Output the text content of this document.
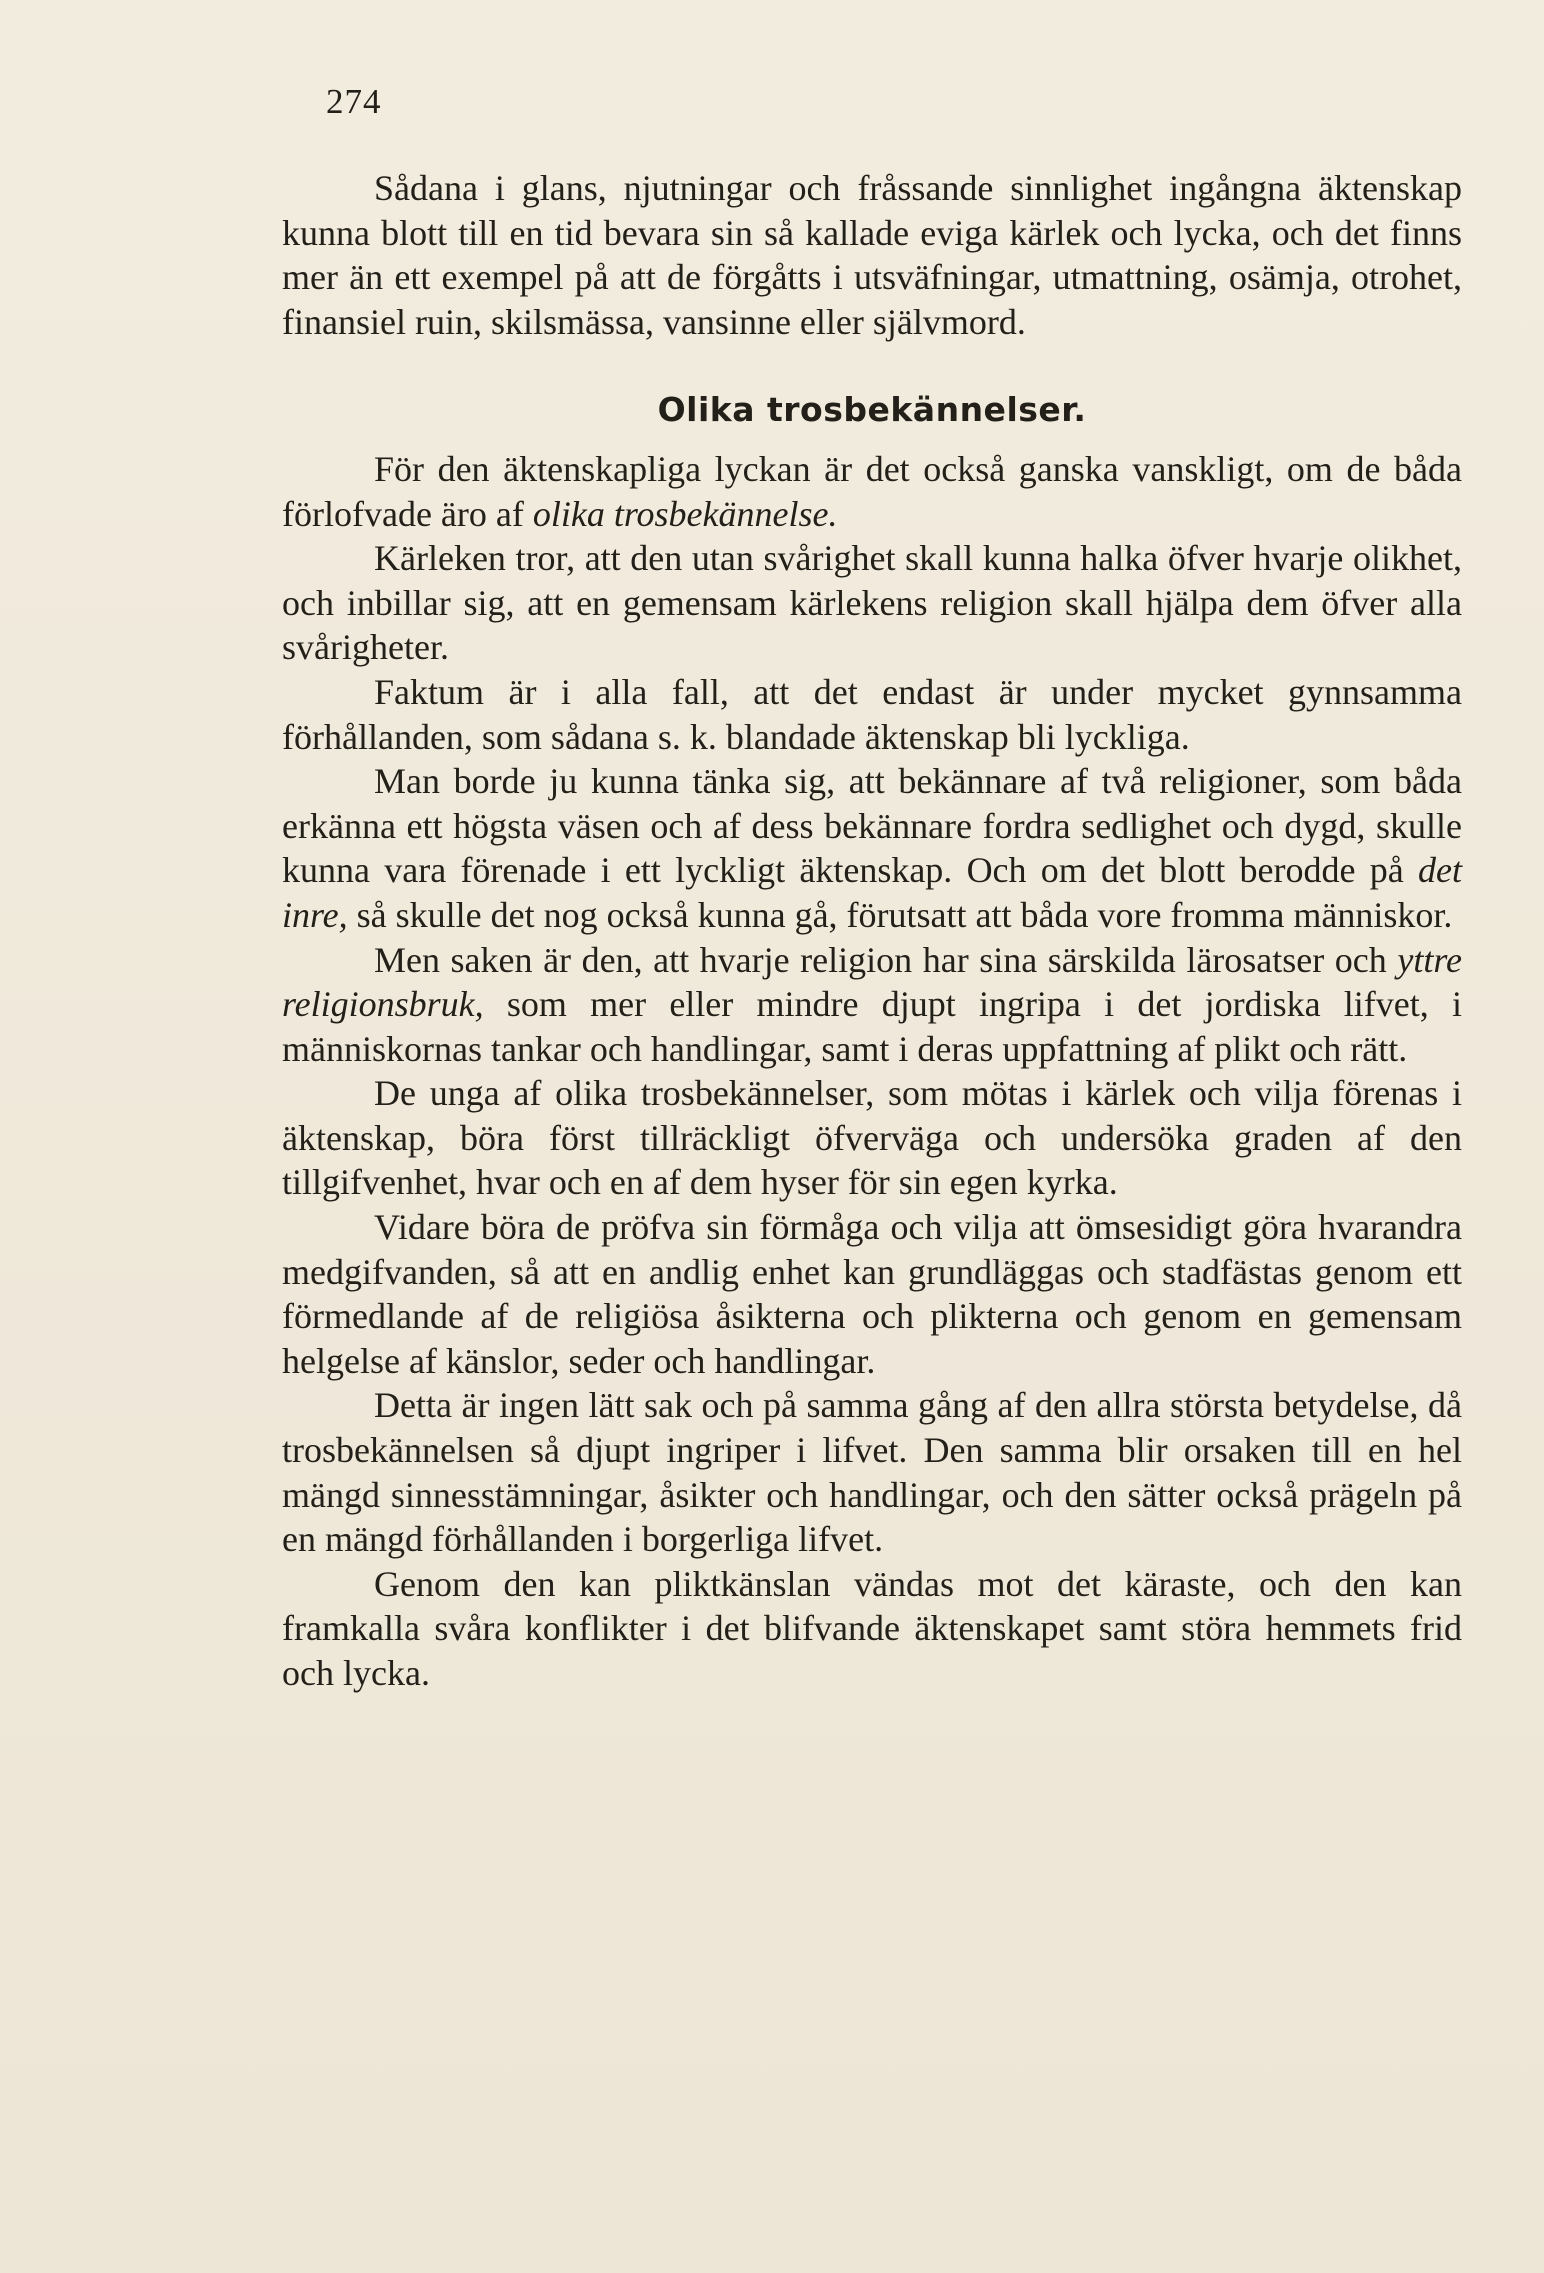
274

Sådana i glans, njutningar och fråssande sinnlighet ingångna äktenskap kunna blott till en tid bevara sin så kallade eviga kärlek och lycka, och det finns mer än ett exempel på att de förgåtts i utsväfningar, utmattning, osämja, otrohet, finansiel ruin, skilsmässa, vansinne eller självmord.

Olika trosbekännelser.

För den äktenskapliga lyckan är det också ganska vanskligt, om de båda förlofvade äro af olika trosbekännelse.

Kärleken tror, att den utan svårighet skall kunna halka öfver hvarje olikhet, och inbillar sig, att en gemensam kärlekens religion skall hjälpa dem öfver alla svårigheter.

Faktum är i alla fall, att det endast är under mycket gynnsamma förhållanden, som sådana s. k. blandade äktenskap bli lyckliga.

Man borde ju kunna tänka sig, att bekännare af två religioner, som båda erkänna ett högsta väsen och af dess bekännare fordra sedlighet och dygd, skulle kunna vara förenade i ett lyckligt äktenskap. Och om det blott berodde på det inre, så skulle det nog också kunna gå, förutsatt att båda vore fromma människor.

Men saken är den, att hvarje religion har sina särskilda lärosatser och yttre religionsbruk, som mer eller mindre djupt ingripa i det jordiska lifvet, i människornas tankar och handlingar, samt i deras uppfattning af plikt och rätt.

De unga af olika trosbekännelser, som mötas i kärlek och vilja förenas i äktenskap, böra först tillräckligt öfverväga och undersöka graden af den tillgifvenhet, hvar och en af dem hyser för sin egen kyrka.

Vidare böra de pröfva sin förmåga och vilja att ömsesidigt göra hvarandra medgifvanden, så att en andlig enhet kan grundläggas och stadfästas genom ett förmedlande af de religiösa åsikterna och plikterna och genom en gemensam helgelse af känslor, seder och handlingar.

Detta är ingen lätt sak och på samma gång af den allra största betydelse, då trosbekännelsen så djupt ingriper i lifvet. Den samma blir orsaken till en hel mängd sinnesstämningar, åsikter och handlingar, och den sätter också prägeln på en mängd förhållanden i borgerliga lifvet.

Genom den kan pliktkänslan vändas mot det käraste, och den kan framkalla svåra konflikter i det blifvande äktenskapet samt störa hemmets frid och lycka.
